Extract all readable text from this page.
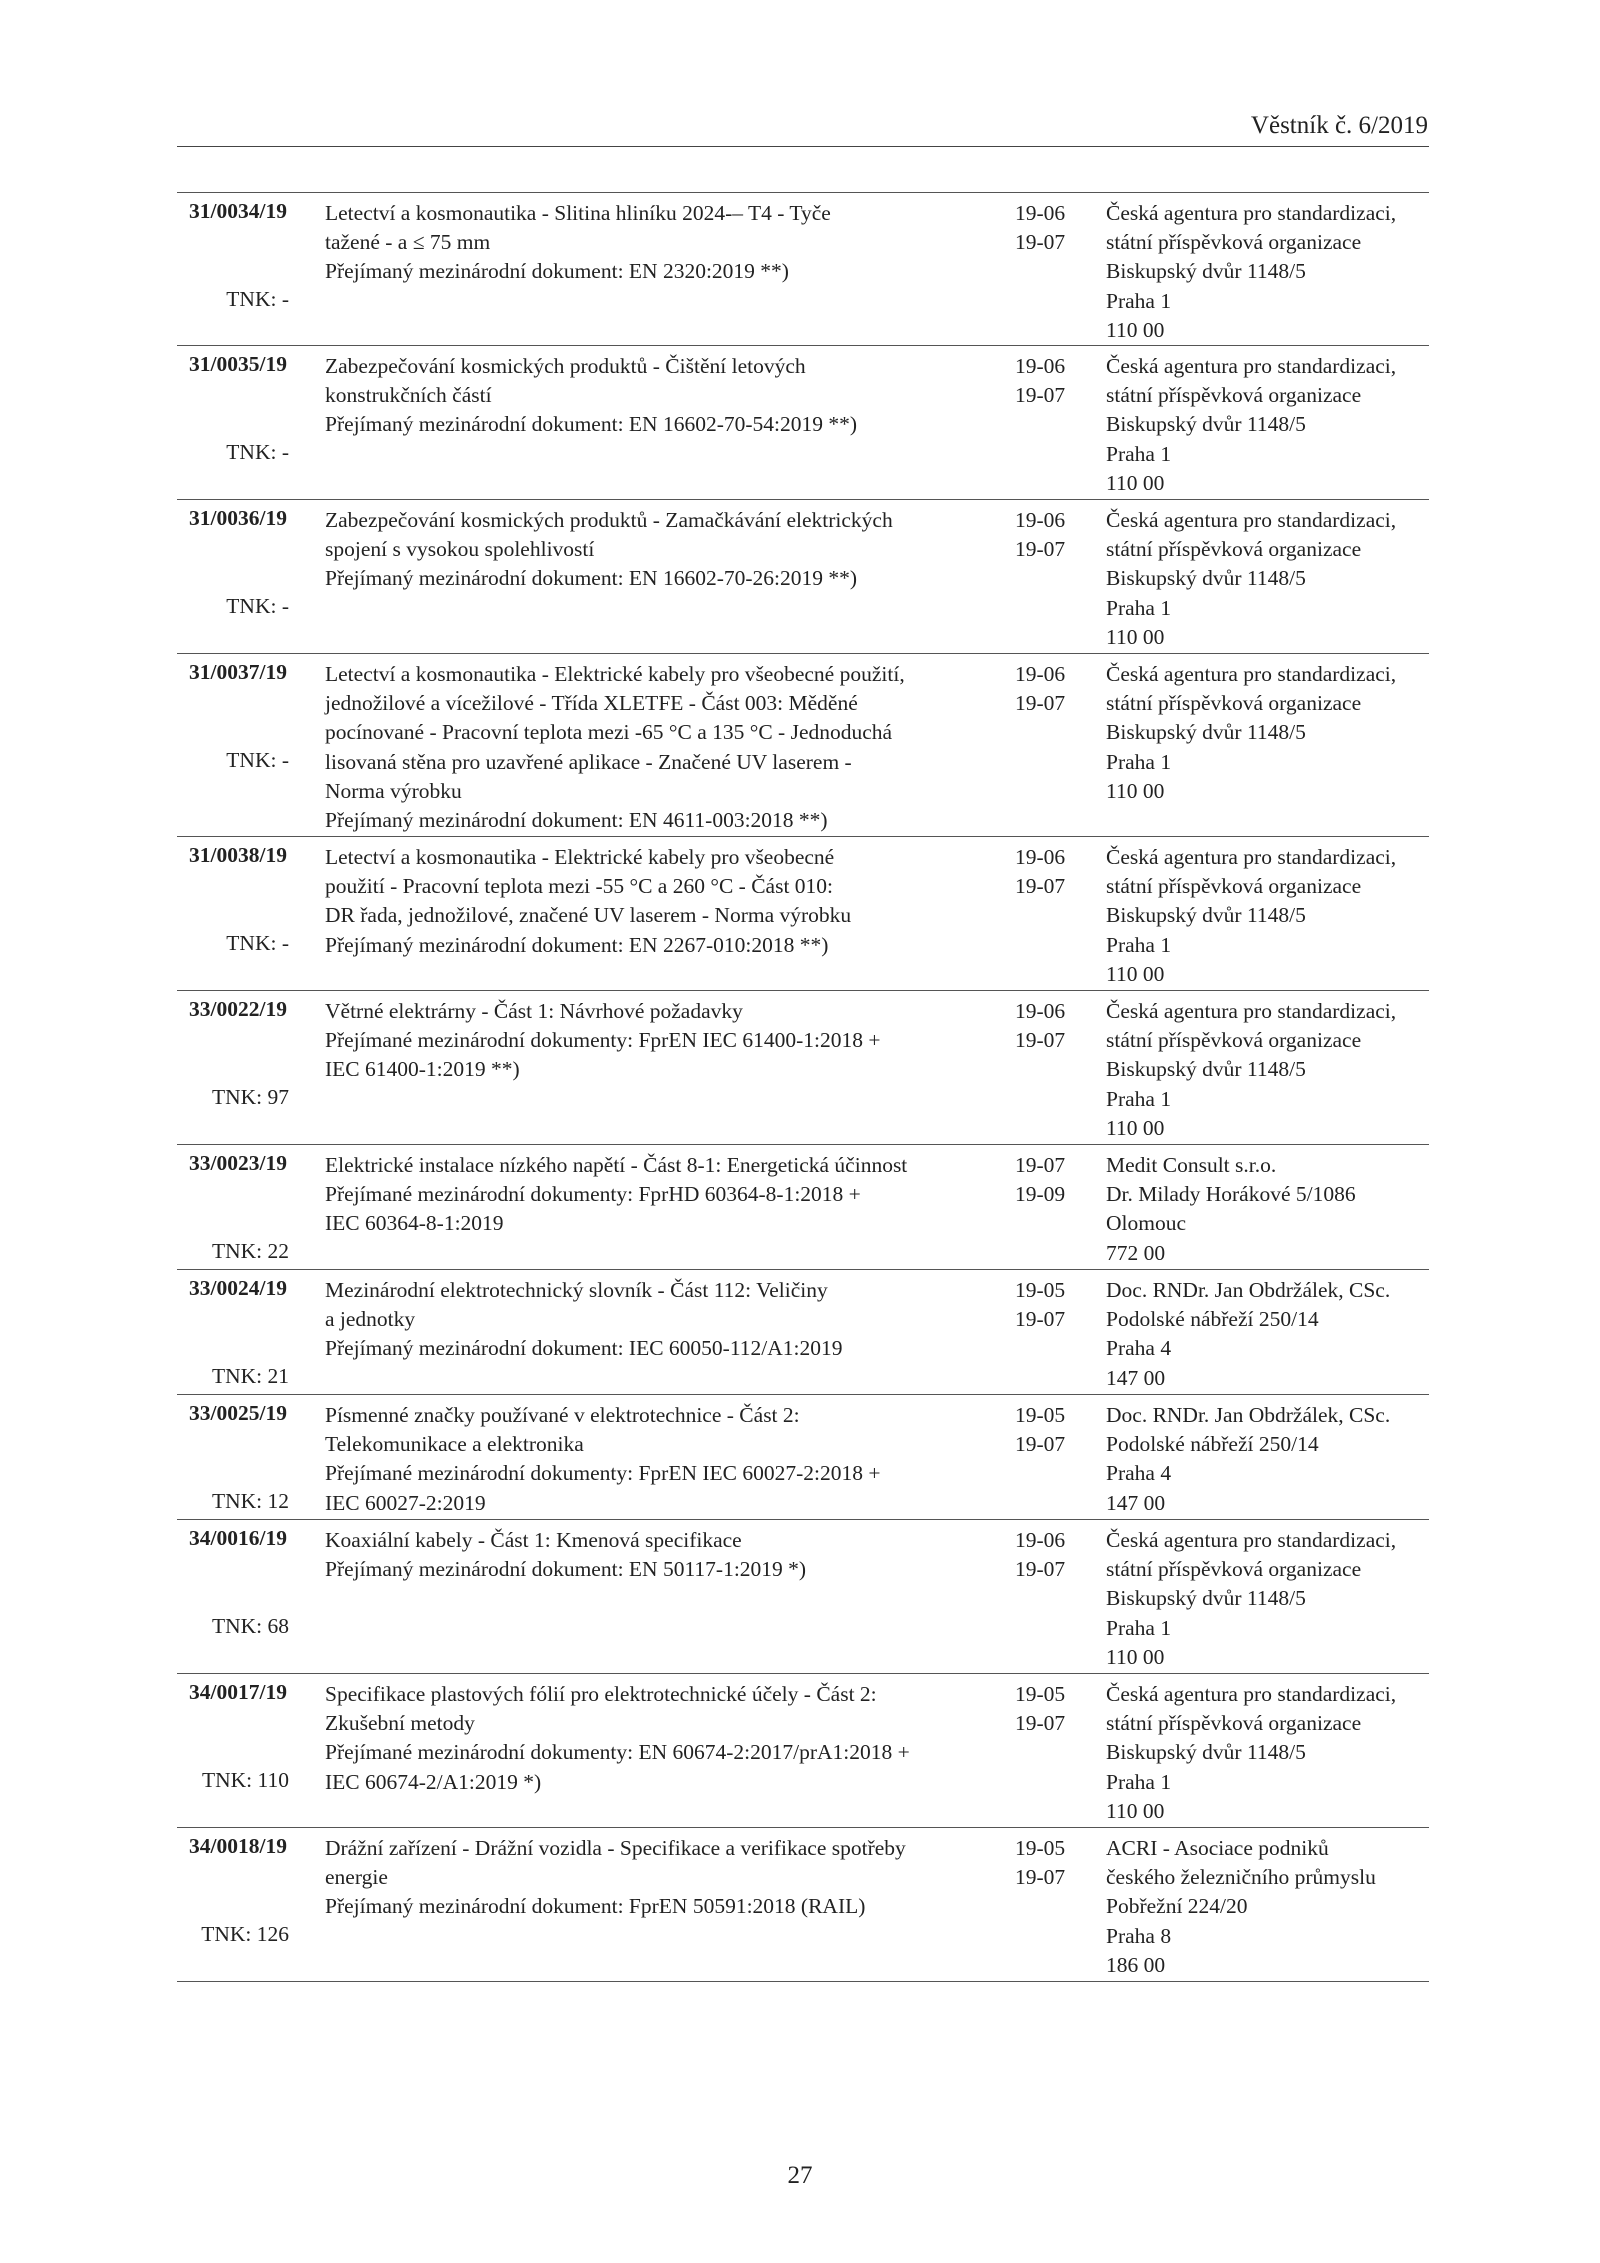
Věstník č. 6/2019
31/0034/19
TNK: -
Letectví a kosmonautika - Slitina hliníku 2024-‒ T4 - Tyče
tažené - a ≤ 75 mm
Přejímaný mezinárodní dokument: EN 2320:2019 **)
19-06
19-07
Česká agentura pro standardizaci,
státní příspěvková organizace
Biskupský dvůr 1148/5
Praha 1
110 00
31/0035/19
TNK: -
Zabezpečování kosmických produktů - Čištění letových
konstrukčních částí
Přejímaný mezinárodní dokument: EN 16602-70-54:2019 **)
19-06
19-07
Česká agentura pro standardizaci,
státní příspěvková organizace
Biskupský dvůr 1148/5
Praha 1
110 00
31/0036/19
TNK: -
Zabezpečování kosmických produktů - Zamačkávání elektrických
spojení s vysokou spolehlivostí
Přejímaný mezinárodní dokument: EN 16602-70-26:2019 **)
19-06
19-07
Česká agentura pro standardizaci,
státní příspěvková organizace
Biskupský dvůr 1148/5
Praha 1
110 00
31/0037/19
TNK: -
Letectví a kosmonautika - Elektrické kabely pro všeobecné použití,
jednožilové a vícežilové - Třída XLETFE - Část 003: Měděné
pocínované - Pracovní teplota mezi -65 °C a 135 °C - Jednoduchá
lisovaná stěna pro uzavřené aplikace - Značené UV laserem -
Norma výrobku
Přejímaný mezinárodní dokument: EN 4611-003:2018 **)
19-06
19-07
Česká agentura pro standardizaci,
státní příspěvková organizace
Biskupský dvůr 1148/5
Praha 1
110 00
31/0038/19
TNK: -
Letectví a kosmonautika - Elektrické kabely pro všeobecné
použití - Pracovní teplota mezi -55 °C a 260 °C - Část 010:
DR řada, jednožilové, značené UV laserem - Norma výrobku
Přejímaný mezinárodní dokument: EN 2267-010:2018 **)
19-06
19-07
Česká agentura pro standardizaci,
státní příspěvková organizace
Biskupský dvůr 1148/5
Praha 1
110 00
33/0022/19
TNK: 97
Větrné elektrárny - Část 1: Návrhové požadavky
Přejímané mezinárodní dokumenty: FprEN IEC 61400-1:2018 +
IEC 61400-1:2019 **)
19-06
19-07
Česká agentura pro standardizaci,
státní příspěvková organizace
Biskupský dvůr 1148/5
Praha 1
110 00
33/0023/19
TNK: 22
Elektrické instalace nízkého napětí - Část 8-1: Energetická účinnost
Přejímané mezinárodní dokumenty: FprHD 60364-8-1:2018 +
IEC 60364-8-1:2019
19-07
19-09
Medit Consult s.r.o.
Dr. Milady Horákové 5/1086
Olomouc
772 00
33/0024/19
TNK: 21
Mezinárodní elektrotechnický slovník - Část 112: Veličiny
a jednotky
Přejímaný mezinárodní dokument: IEC 60050-112/A1:2019
19-05
19-07
Doc. RNDr. Jan Obdržálek, CSc.
Podolské nábřeží 250/14
Praha 4
147 00
33/0025/19
TNK: 12
Písmenné značky používané v elektrotechnice - Část 2:
Telekomunikace a elektronika
Přejímané mezinárodní dokumenty: FprEN IEC 60027-2:2018 +
IEC 60027-2:2019
19-05
19-07
Doc. RNDr. Jan Obdržálek, CSc.
Podolské nábřeží 250/14
Praha 4
147 00
34/0016/19
TNK: 68
Koaxiální kabely - Část 1: Kmenová specifikace
Přejímaný mezinárodní dokument: EN 50117-1:2019 *)
19-06
19-07
Česká agentura pro standardizaci,
státní příspěvková organizace
Biskupský dvůr 1148/5
Praha 1
110 00
34/0017/19
TNK: 110
Specifikace plastových fólií pro elektrotechnické účely - Část 2:
Zkušební metody
Přejímané mezinárodní dokumenty: EN 60674-2:2017/prA1:2018 +
IEC 60674-2/A1:2019 *)
19-05
19-07
Česká agentura pro standardizaci,
státní příspěvková organizace
Biskupský dvůr 1148/5
Praha 1
110 00
34/0018/19
TNK: 126
Drážní zařízení - Drážní vozidla - Specifikace a verifikace spotřeby
energie
Přejímaný mezinárodní dokument: FprEN 50591:2018 (RAIL)
19-05
19-07
ACRI - Asociace podniků
českého železničního průmyslu
Pobřežní 224/20
Praha 8
186 00
27
